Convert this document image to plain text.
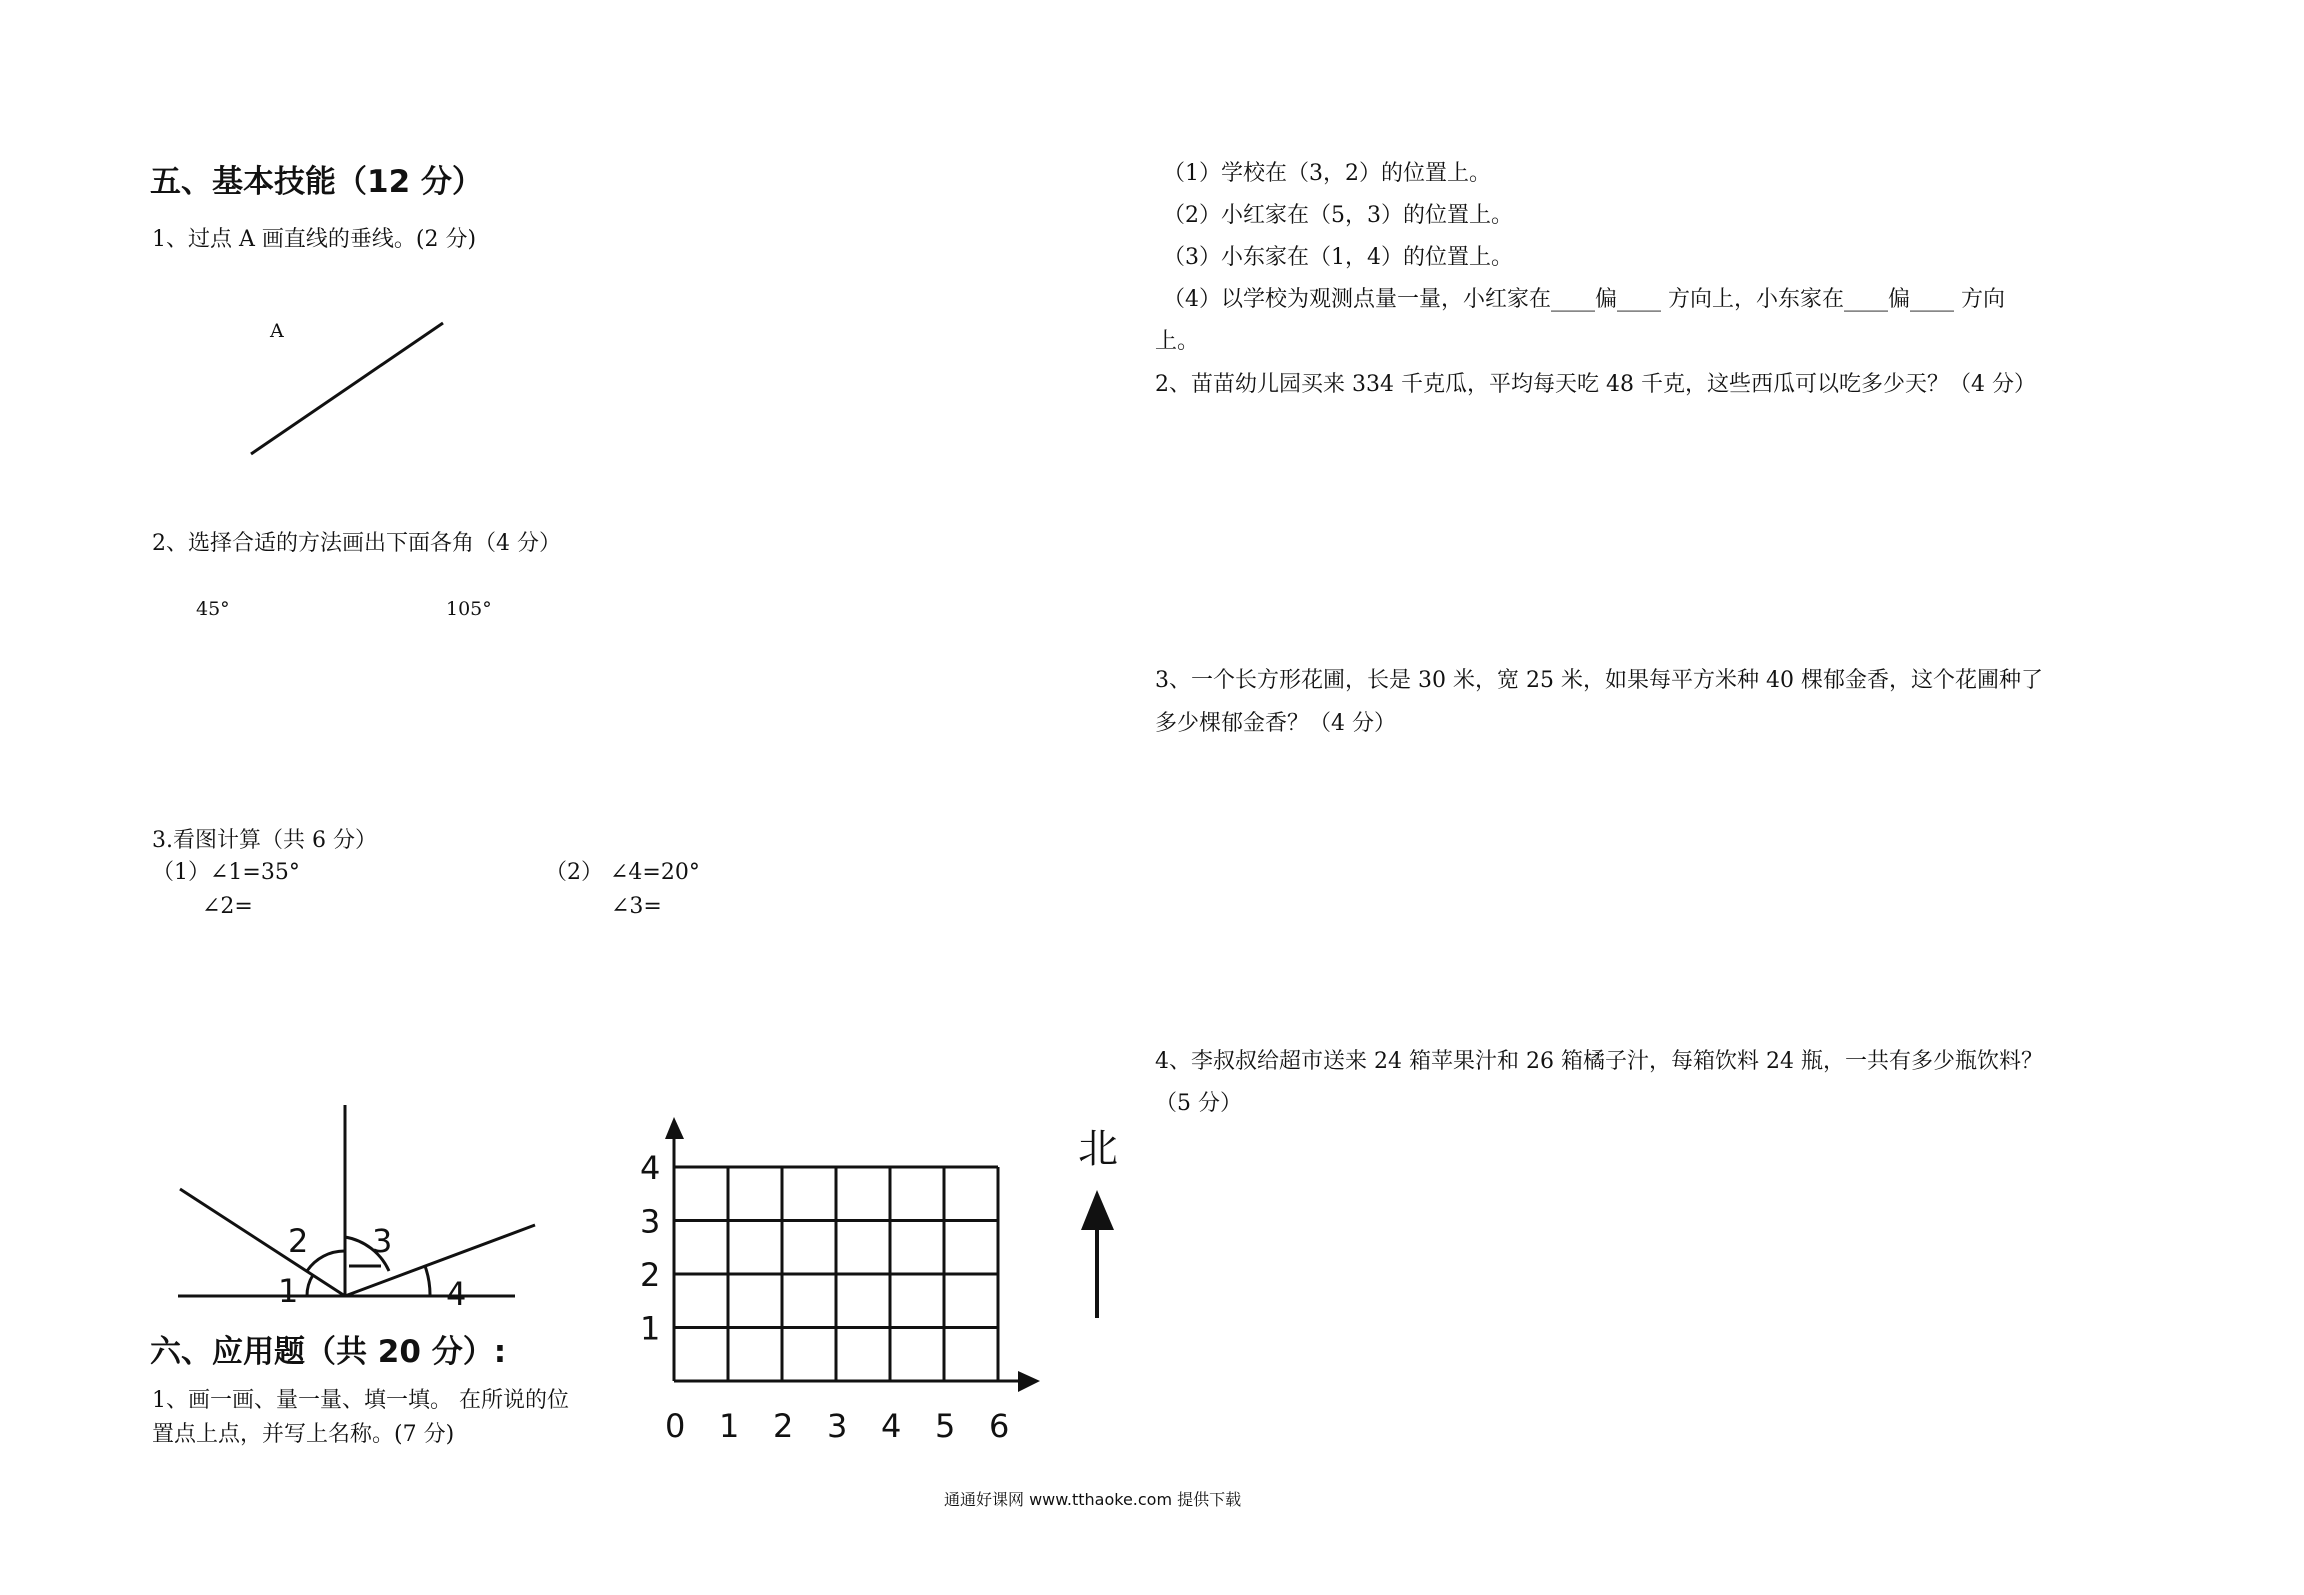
五、基本技能（12 分）
1、过点 A 画直线的垂线。(2 分)
A
2、选择合适的方法画出下面各角（4 分）
45°	105°
3.看图计算（共 6 分）
（1）∠1=35°
∠2=
（2） ∠4=20°
∠3=
六、应用题（共 20 分）:
1、画一画、量一量、填一填。 在所说的位
置点上点，并写上名称。(7 分)
（1）学校在（3，2）的位置上。
（2）小红家在（5，3）的位置上。
（3）小东家在（1，4）的位置上。
（4）以学校为观测点量一量，小红家在____偏____ 方向上，小东家在____偏____ 方向
上。
2、苗苗幼儿园买来 334 千克瓜，平均每天吃 48 千克，这些西瓜可以吃多少天？（4 分）
3、一个长方形花圃，长是 30 米，宽 25 米，如果每平方米种 40 棵郁金香，这个花圃种了
多少棵郁金香？（4 分）
4、李叔叔给超市送来 24 箱苹果汁和 26 箱橘子汁，每箱饮料 24 瓶，一共有多少瓶饮料？
（5 分）
通通好课网 www.tthaoke.com 提供下载
1
2 3
4
0 1 2 3 4 5 6
1
2
3
4	北
